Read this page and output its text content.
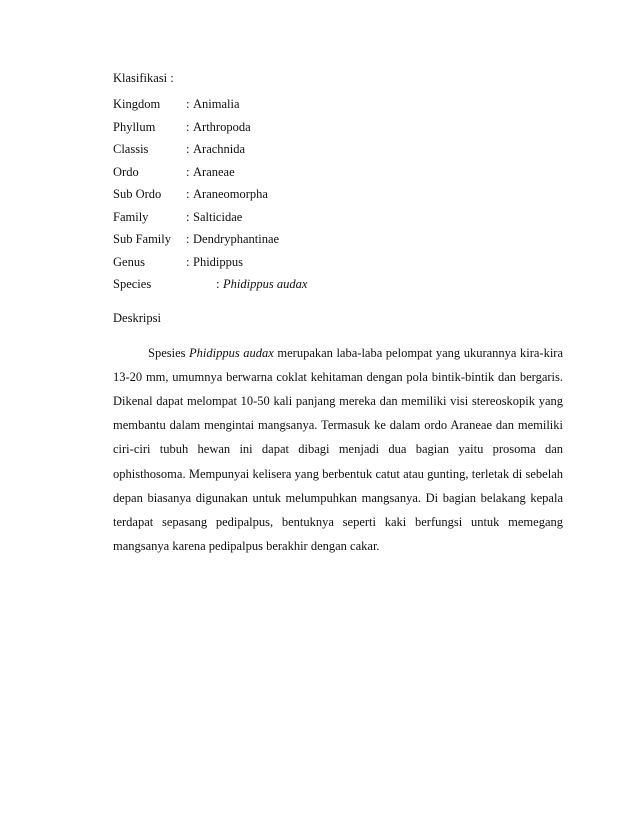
Klasifikasi :
Kingdom : Animalia
Phyllum : Arthropoda
Classis	: Arachnida
Ordo	: Araneae
Sub Ordo : Araneomorpha
Family	: Salticidae
Sub Family : Dendryphantinae
Genus	: Phidippus
Species	: Phidippus audax
Deskripsi

Spesies Phidippus audax merupakan laba-laba pelompat yang ukurannya kira-kira 13-20 mm, umumnya berwarna coklat kehitaman dengan pola bintik-bintik dan bergaris. Dikenal dapat melompat 10-50 kali panjang mereka dan memiliki visi stereoskopik yang membantu dalam mengintai mangsanya. Termasuk ke dalam ordo Araneae dan memiliki ciri-ciri tubuh hewan ini dapat dibagi menjadi dua bagian yaitu prosoma dan ophisthosoma. Mempunyai kelisera yang berbentuk catut atau gunting, terletak di sebelah depan biasanya digunakan untuk melumpuhkan mangsanya. Di bagian belakang kepala terdapat sepasang pedipalpus, bentuknya seperti kaki berfungsi untuk memegang mangsanya karena pedipalpus berakhir dengan cakar.
